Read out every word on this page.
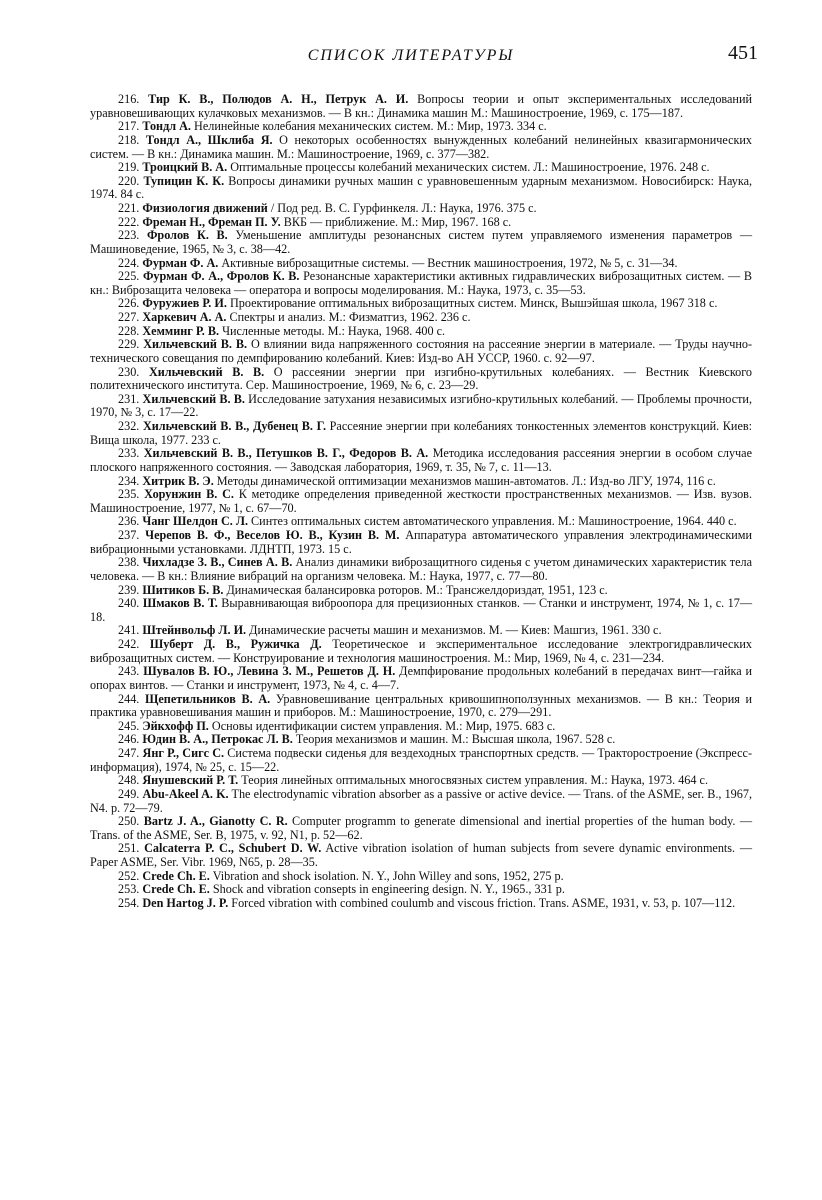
СПИСОК ЛИТЕРАТУРЫ	451

216. Тир К. В., Полюдов А. Н., Петрук А. И. Вопросы теории и опыт экспериментальных исследований уравновешивающих кулачковых механизмов. — В кн.: Динамика машин М.: Машиностроение, 1969, с. 175—187.

217. Тондл А. Нелинейные колебания механических систем. М.: Мир, 1973. 334 с.

218. Тондл А., Шклиба Я. О некоторых особенностях вынужденных колебаний нелинейных квазигармонических систем. — В кн.: Динамика машин. М.: Машиностроение, 1969, с. 377—382.

219. Троицкий В. А. Оптимальные процессы колебаний механических систем. Л.: Машиностроение, 1976. 248 с.

220. Тупицин К. К. Вопросы динамики ручных машин с уравновешенным ударным механизмом. Новосибирск: Наука, 1974. 84 с.

221. Физиология движений / Под ред. В. С. Гурфинкеля. Л.: Наука, 1976. 375 с.

222. Фреман Н., Фреман П. У. ВКБ — приближение. М.: Мир, 1967. 168 с.

223. Фролов К. В. Уменьшение амплитуды резонансных систем путем управляемого изменения параметров — Машиноведение, 1965, № 3, с. 38—42.

224. Фурман Ф. А. Активные виброзащитные системы. — Вестник машиностроения, 1972, № 5, с. 31—34.

225. Фурман Ф. А., Фролов К. В. Резонансные характеристики активных гидравлических виброзащитных систем. — В кн.: Виброзащита человека — оператора и вопросы моделирования. М.: Наука, 1973, с. 35—53.

226. Фуружиев Р. И. Проектирование оптимальных виброзащитных систем. Минск, Вышэйшая школа, 1967 318 с.

227. Харкевич А. А. Спектры и анализ. М.: Физматгиз, 1962. 236 с.

228. Хемминг Р. В. Численные методы. М.: Наука, 1968. 400 с.

229. Хильчевский В. В. О влиянии вида напряженного состояния на рассеяние энергии в материале. — Труды научно-технического совещания по демпфированию колебаний. Киев: Изд-во АН УССР, 1960. с. 92—97.

230. Хильчевский В. В. О рассеянии энергии при изгибно-крутильных колебаниях. — Вестник Киевского политехнического института. Сер. Машиностроение, 1969, № 6, с. 23—29.

231. Хильчевский В. В. Исследование затухания независимых изгибно-крутильных колебаний. — Проблемы прочности, 1970, № 3, с. 17—22.

232. Хильчевский В. В., Дубенец В. Г. Рассеяние энергии при колебаниях тонкостенных элементов конструкций. Киев: Вища школа, 1977. 233 с.

233. Хильчевский В. В., Петушков В. Г., Федоров В. А. Методика исследования рассеяния энергии в особом случае плоского напряженного состояния. — Заводская лаборатория, 1969, т. 35, № 7, с. 11—13.

234. Хитрик В. Э. Методы динамической оптимизации механизмов машин-автоматов. Л.: Изд-во ЛГУ, 1974, 116 с.

235. Хорунжин В. С. К методике определения приведенной жесткости пространственных механизмов. — Изв. вузов. Машиностроение, 1977, № 1, с. 67—70.

236. Чанг Шелдон С. Л. Синтез оптимальных систем автоматического управления. М.: Машиностроение, 1964. 440 с.

237. Черепов В. Ф., Веселов Ю. В., Кузин В. М. Аппаратура автоматического управления электродинамическими вибрационными установками. ЛДНТП, 1973. 15 с.

238. Чихладзе З. В., Синев А. В. Анализ динамики виброзащитного сиденья с учетом динамических характеристик тела человека. — В кн.: Влияние вибраций на организм человека. М.: Наука, 1977, с. 77—80.

239. Шитиков Б. В. Динамическая балансировка роторов. М.: Трансжелдориздат, 1951, 123 с.

240. Шмаков В. Т. Выравнивающая виброопора для прецизионных станков. — Станки и инструмент, 1974, № 1, с. 17—18.

241. Штейнвольф Л. И. Динамические расчеты машин и механизмов. М. — Киев: Машгиз, 1961. 330 с.

242. Шуберт Д. В., Ружичка Д. Теоретическое и экспериментальное исследование электрогидравлических виброзащитных систем. — Конструирование и технология машиностроения. М.: Мир, 1969, № 4, с. 231—234.

243. Шувалов В. Ю., Левина З. М., Решетов Д. Н. Демпфирование продольных колебаний в передачах винт—гайка и опорах винтов. — Станки и инструмент, 1973, № 4, с. 4—7.

244. Щепетильников В. А. Уравновешивание центральных кривошипноползунных механизмов. — В кн.: Теория и практика уравновешивания машин и приборов. М.: Машиностроение, 1970, с. 279—291.

245. Эйкхофф П. Основы идентификации систем управления. М.: Мир, 1975. 683 с.

246. Юдин В. А., Петрокас Л. В. Теория механизмов и машин. М.: Высшая школа, 1967. 528 с.

247. Янг Р., Сигс С. Система подвески сиденья для вездеходных транспортных средств. — Тракторостроение (Экспресс-информация), 1974, № 25, с. 15—22.

248. Янушевский Р. Т. Теория линейных оптимальных многосвязных систем управления. М.: Наука, 1973. 464 с.

249. Abu-Akeel A. K. The electrodynamic vibration absorber as a passive or active device. — Trans. of the ASME, ser. B., 1967, N4. p. 72—79.

250. Bartz J. A., Gianotty C. R. Computer programm to generate dimensional and inertial properties of the human body. — Trans. of the ASME, Ser. B, 1975, v. 92, N1, p. 52—62.

251. Calcaterra P. C., Schubert D. W. Active vibration isolation of human subjects from severe dynamic environments. — Paper ASME, Ser. Vibr. 1969, N65, p. 28—35.

252. Crede Ch. E. Vibration and shock isolation. N. Y., John Willey and sons, 1952, 275 p.

253. Crede Ch. E. Shock and vibration consepts in engineering design. N. Y., 1965., 331 p.

254. Den Hartog J. P. Forced vibration with combined coulumb and viscous friction. Trans. ASME, 1931, v. 53, p. 107—112.
